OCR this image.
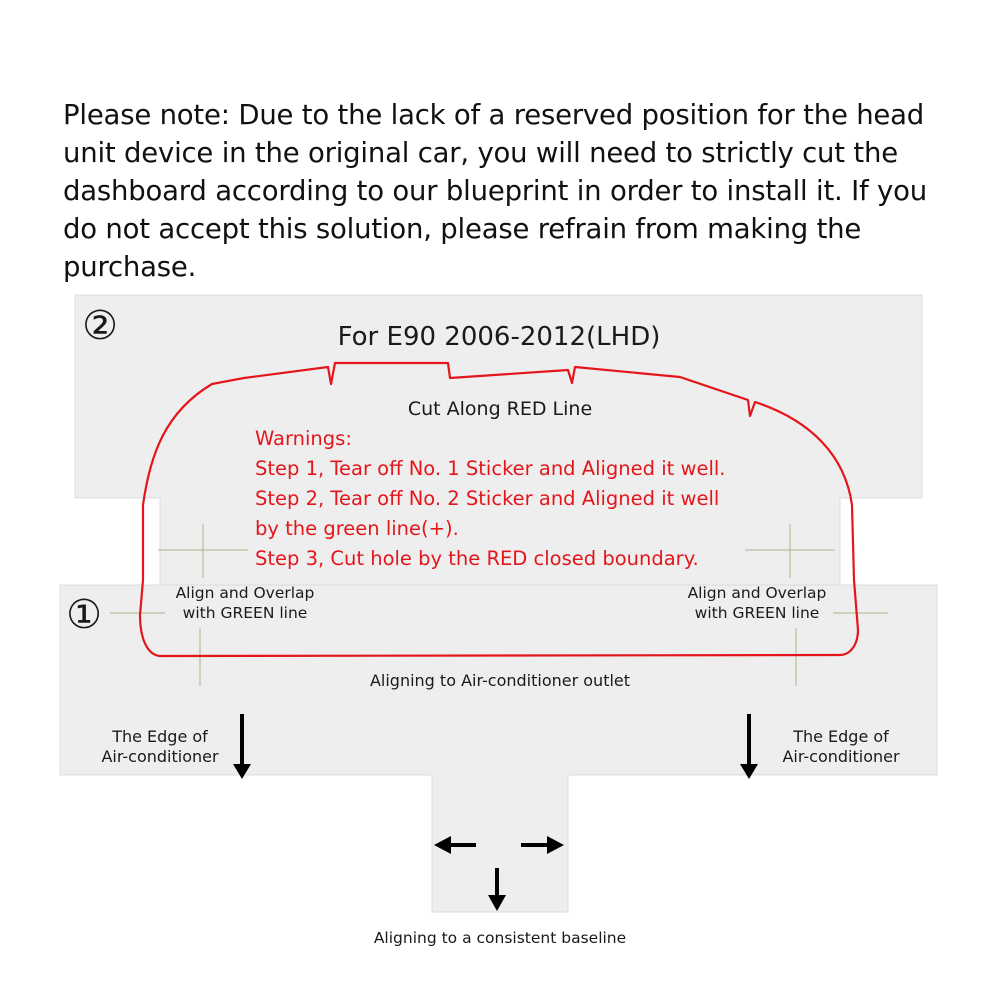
Please note: Due to the lack of a reserved position for the head unit device in the original car, you will need to strictly cut the dashboard according to our blueprint in order to install it. If you do not accept this solution, please refrain from making the purchase.
②
①
For E90 2006-2012(LHD)
Cut Along RED Line
Warnings:
Step 1, Tear off No. 1 Sticker and Aligned it well.
Step 2, Tear off No. 2 Sticker and Aligned it well
by the green line(+).
Step 3, Cut hole by the RED closed boundary.
Align and Overlap
with GREEN line
Align and Overlap
with GREEN line
Aligning to Air-conditioner outlet
The Edge of
Air-conditioner
The Edge of
Air-conditioner
Aligning to a consistent baseline
